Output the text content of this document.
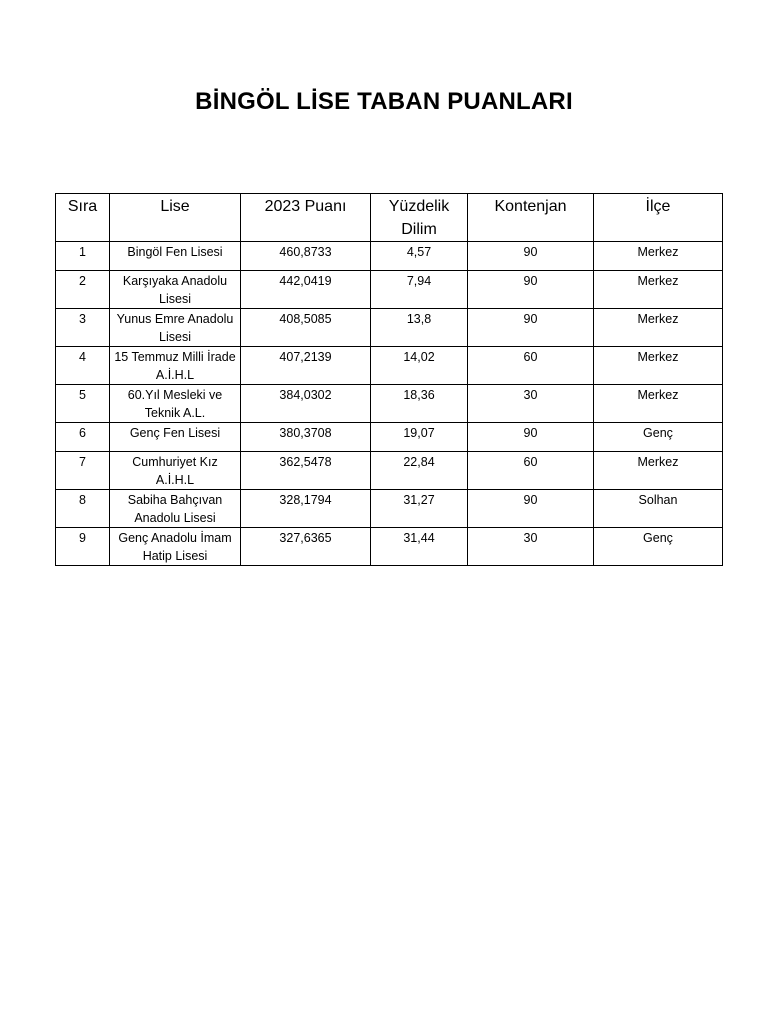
BİNGÖL LİSE TABAN PUANLARI
Sıra	Lise	2023 Puanı	Yüzdelik Dilim	Kontenjan	İlçe
1	Bingöl Fen Lisesi	460,8733	4,57	90	Merkez
2	Karşıyaka Anadolu Lisesi	442,0419	7,94	90	Merkez
3	Yunus Emre Anadolu Lisesi	408,5085	13,8	90	Merkez
4	15 Temmuz Milli İrade A.İ.H.L	407,2139	14,02	60	Merkez
5	60.Yıl Mesleki ve Teknik A.L.	384,0302	18,36	30	Merkez
6	Genç Fen Lisesi	380,3708	19,07	90	Genç
7	Cumhuriyet Kız A.İ.H.L	362,5478	22,84	60	Merkez
8	Sabiha Bahçıvan Anadolu Lisesi	328,1794	31,27	90	Solhan
9	Genç Anadolu İmam Hatip Lisesi	327,6365	31,44	30	Genç
